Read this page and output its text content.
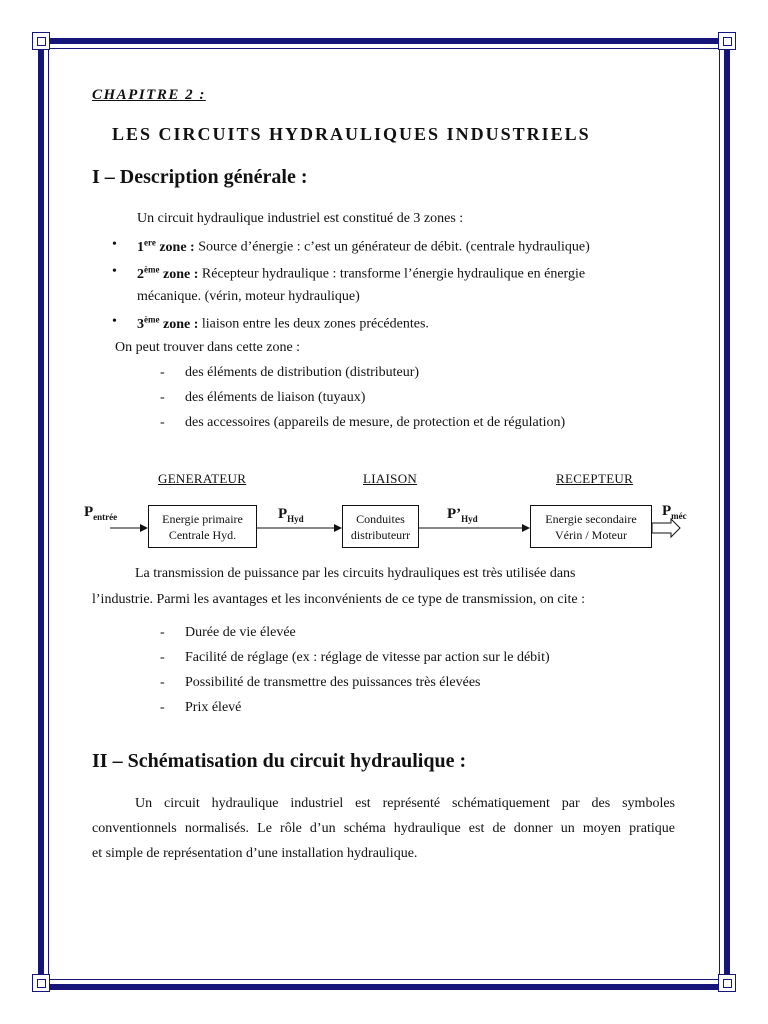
CHAPITRE 2 :
LES CIRCUITS HYDRAULIQUES INDUSTRIELS
I – Description générale :
Un circuit hydraulique industriel est constitué de 3 zones :
• 1ere zone : Source d’énergie : c’est un générateur de débit. (centrale hydraulique)
• 2ème zone : Récepteur hydraulique : transforme l’énergie hydraulique en énergie
mécanique. (vérin, moteur hydraulique)
• 3ème zone : liaison entre les deux zones précédentes.
On peut trouver dans cette zone :
- des éléments de distribution (distributeur)
- des éléments de liaison (tuyaux)
- des accessoires (appareils de mesure, de protection et de régulation)
GENERATEUR	LIAISON	RECEPTEUR
Energie primaire
Centrale Hyd.
Conduites
distributeurr
Energie secondaire
Vérin / Moteur
$P_{entrée}$	$P_{Hyd}$	$P’_{Hyd}$	$P_{méc}$
La transmission de puissance par les circuits hydrauliques est très utilisée dans
l’industrie. Parmi les avantages et les inconvénients de ce type de transmission, on cite :
- Durée de vie élevée
- Facilité de réglage (ex : réglage de vitesse par action sur le débit)
- Possibilité de transmettre des puissances très élevées
- Prix élevé
II – Schématisation du circuit hydraulique :
Un circuit hydraulique industriel est représenté schématiquement par des symboles
conventionnels normalisés. Le rôle d’un schéma hydraulique est de donner un moyen pratique
et simple de représentation d’une installation hydraulique.
